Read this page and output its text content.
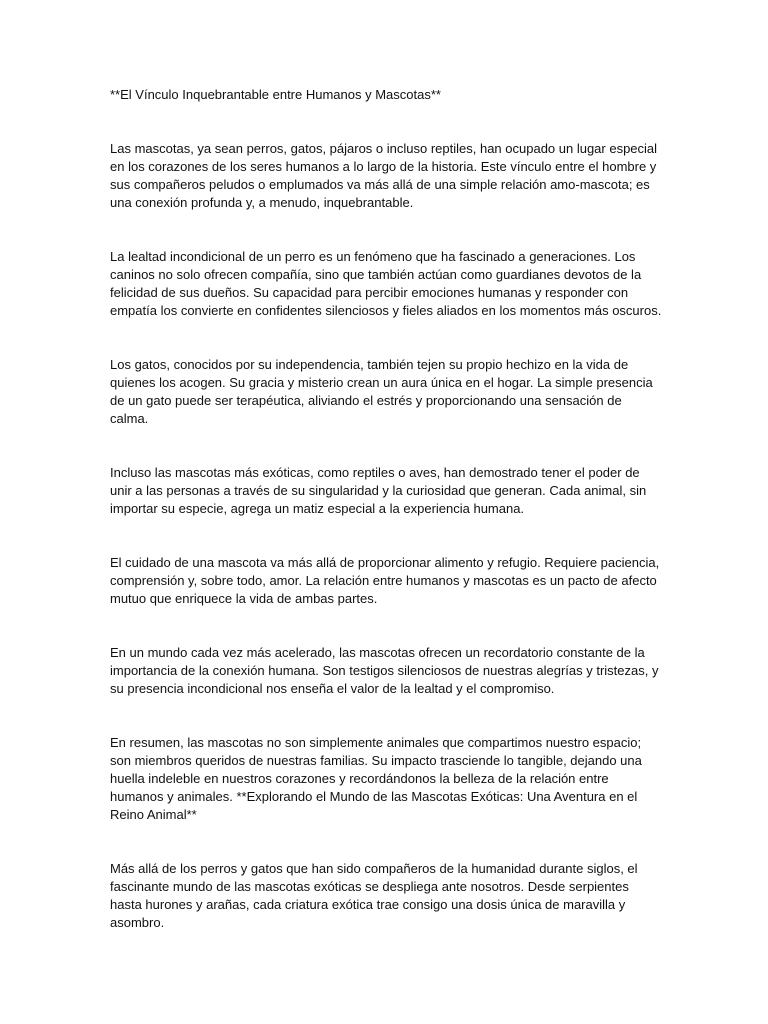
**El Vínculo Inquebrantable entre Humanos y Mascotas**

Las mascotas, ya sean perros, gatos, pájaros o incluso reptiles, han ocupado un lugar especial en los corazones de los seres humanos a lo largo de la historia. Este vínculo entre el hombre y sus compañeros peludos o emplumados va más allá de una simple relación amo-mascota; es una conexión profunda y, a menudo, inquebrantable.

La lealtad incondicional de un perro es un fenómeno que ha fascinado a generaciones. Los caninos no solo ofrecen compañía, sino que también actúan como guardianes devotos de la felicidad de sus dueños. Su capacidad para percibir emociones humanas y responder con empatía los convierte en confidentes silenciosos y fieles aliados en los momentos más oscuros.

Los gatos, conocidos por su independencia, también tejen su propio hechizo en la vida de quienes los acogen. Su gracia y misterio crean un aura única en el hogar. La simple presencia de un gato puede ser terapéutica, aliviando el estrés y proporcionando una sensación de calma.

Incluso las mascotas más exóticas, como reptiles o aves, han demostrado tener el poder de unir a las personas a través de su singularidad y la curiosidad que generan. Cada animal, sin importar su especie, agrega un matiz especial a la experiencia humana.

El cuidado de una mascota va más allá de proporcionar alimento y refugio. Requiere paciencia, comprensión y, sobre todo, amor. La relación entre humanos y mascotas es un pacto de afecto mutuo que enriquece la vida de ambas partes.

En un mundo cada vez más acelerado, las mascotas ofrecen un recordatorio constante de la importancia de la conexión humana. Son testigos silenciosos de nuestras alegrías y tristezas, y su presencia incondicional nos enseña el valor de la lealtad y el compromiso.

En resumen, las mascotas no son simplemente animales que compartimos nuestro espacio; son miembros queridos de nuestras familias. Su impacto trasciende lo tangible, dejando una huella indeleble en nuestros corazones y recordándonos la belleza de la relación entre humanos y animales. **Explorando el Mundo de las Mascotas Exóticas: Una Aventura en el Reino Animal**

Más allá de los perros y gatos que han sido compañeros de la humanidad durante siglos, el fascinante mundo de las mascotas exóticas se despliega ante nosotros. Desde serpientes hasta hurones y arañas, cada criatura exótica trae consigo una dosis única de maravilla y asombro.
